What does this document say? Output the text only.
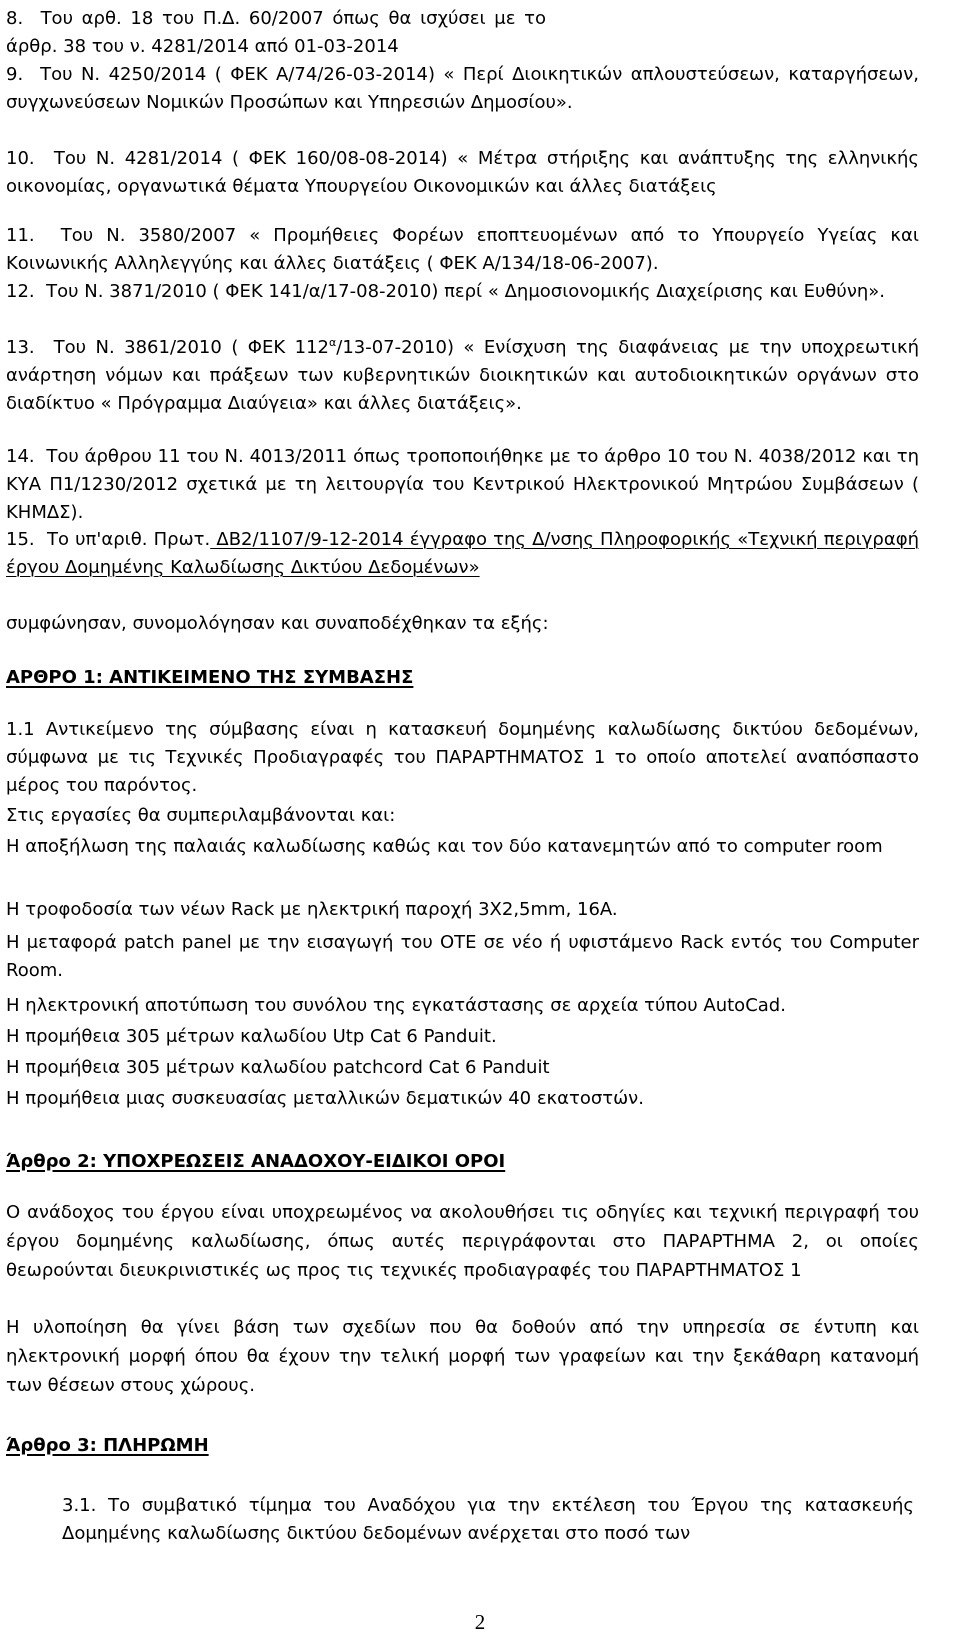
8. Του αρθ. 18 του Π.Δ. 60/2007 όπως θα ισχύσει με το άρθρ. 38 του ν. 4281/2014 από 01-03-2014
9. Του Ν. 4250/2014 ( ΦΕΚ Α/74/26-03-2014) « Περί Διοικητικών απλουστεύσεων, καταργήσεων, συγχωνεύσεων Νομικών Προσώπων και Υπηρεσιών Δημοσίου».
10. Του Ν. 4281/2014 ( ΦΕΚ 160/08-08-2014) « Μέτρα στήριξης και ανάπτυξης της ελληνικής οικονομίας, οργανωτικά θέματα Υπουργείου Οικονομικών και άλλες διατάξεις
11. Του Ν. 3580/2007 « Προμήθειες Φορέων εποπτευομένων από το Υπουργείο Υγείας και Κοινωνικής Αλληλεγγύης και άλλες διατάξεις ( ΦΕΚ Α/134/18-06-2007).
12. Του Ν. 3871/2010 ( ΦΕΚ 141/α/17-08-2010) περί « Δημοσιονομικής Διαχείρισης και Ευθύνη».
13. Του Ν. 3861/2010 ( ΦΕΚ $112^\alpha/13-07-2010$) « Ενίσχυση της διαφάνειας με την υποχρεωτική ανάρτηση νόμων και πράξεων των κυβερνητικών διοικητικών και αυτοδιοικητικών οργάνων στο διαδίκτυο « Πρόγραμμα Διαύγεια» και άλλες διατάξεις».
14. Του άρθρου 11 του Ν. 4013/2011 όπως τροποποιήθηκε με το άρθρο 10 του Ν. 4038/2012 και τη ΚΥΑ Π1/1230/2012 σχετικά με τη λειτουργία του Κεντρικού Ηλεκτρονικού Μητρώου Συμβάσεων ( ΚΗΜΔΣ).
15. Το υπ'αριθ. Πρωτ. ΔΒ2/1107/9-12-2014 έγγραφο της Δ/νσης Πληροφορικής «Τεχνική περιγραφή έργου Δομημένης Καλωδίωσης Δικτύου Δεδομένων»
συμφώνησαν, συνομολόγησαν και συναποδέχθηκαν τα εξής:
ΑΡΘΡΟ 1: ΑΝΤΙΚΕΙΜΕΝΟ ΤΗΣ ΣΥΜΒΑΣΗΣ
1.1 Αντικείμενο της σύμβασης είναι η κατασκευή δομημένης καλωδίωσης δικτύου δεδομένων, σύμφωνα με τις Τεχνικές Προδιαγραφές του ΠΑΡΑΡΤΗΜΑΤΟΣ 1 το οποίο αποτελεί αναπόσπαστο μέρος του παρόντος.
Στις εργασίες θα συμπεριλαμβάνονται και:
Η αποξήλωση της παλαιάς καλωδίωσης καθώς και τον δύο κατανεμητών από το computer room
Η τροφοδοσία των νέων Rack με ηλεκτρική παροχή 3Χ2,5mm, 16A.
Η μεταφορά patch panel με την εισαγωγή του ΟΤΕ σε νέο ή υφιστάμενο Rack εντός του Computer Room.
Η ηλεκτρονική αποτύπωση του συνόλου της εγκατάστασης σε αρχεία τύπου AutoCad.
Η προμήθεια 305 μέτρων καλωδίου Utp Cat 6 Panduit.
Η προμήθεια 305 μέτρων καλωδίου patchcord Cat 6 Panduit
Η προμήθεια μιας συσκευασίας μεταλλικών δεματικών 40 εκατοστών.
Άρθρο 2: ΥΠΟΧΡΕΩΣΕΙΣ ΑΝΑΔΟΧΟΥ-ΕΙΔΙΚΟΙ ΟΡΟΙ
Ο ανάδοχος του έργου είναι υποχρεωμένος να ακολουθήσει τις οδηγίες και τεχνική περιγραφή του έργου δομημένης καλωδίωσης, όπως αυτές περιγράφονται στο ΠΑΡΑΡΤΗΜΑ 2, οι οποίες θεωρούνται διευκρινιστικές ως προς τις τεχνικές προδιαγραφές του ΠΑΡΑΡΤΗΜΑΤΟΣ 1
Η υλοποίηση θα γίνει βάση των σχεδίων που θα δοθούν από την υπηρεσία σε έντυπη και ηλεκτρονική μορφή όπου θα έχουν την τελική μορφή των γραφείων και την ξεκάθαρη κατανομή των θέσεων στους χώρους.
Άρθρο 3: ΠΛΗΡΩΜΗ
3.1. Το συμβατικό τίμημα του Αναδόχου για την εκτέλεση του Έργου της κατασκευής Δομημένης καλωδίωσης δικτύου δεδομένων ανέρχεται στο ποσό των
2
